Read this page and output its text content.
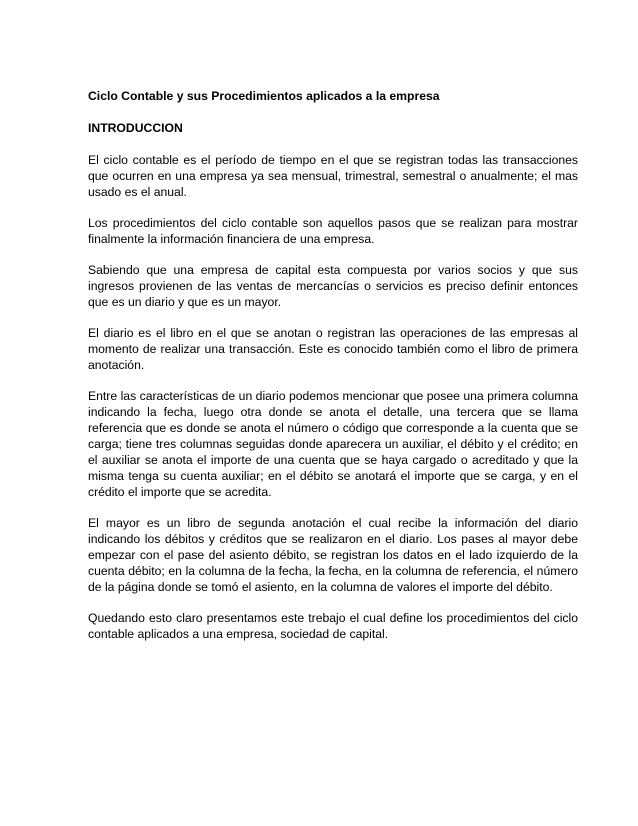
Ciclo Contable y sus Procedimientos aplicados a la empresa

INTRODUCCION

El ciclo contable es el período de tiempo en el que se registran todas las transacciones que ocurren en una empresa ya sea mensual, trimestral, semestral o anualmente; el mas usado es el anual.

Los procedimientos del ciclo contable son aquellos pasos que se realizan para mostrar finalmente la información financiera de una empresa.

Sabiendo que una empresa de capital esta compuesta por varios socios y que sus ingresos provienen de las ventas de mercancías o servicios es preciso definir entonces que es un diario y que es un mayor.

El diario es el libro en el que se anotan o registran las operaciones de las empresas al momento de realizar una transacción. Este es conocido también como el libro de primera anotación.

Entre las características de un diario podemos mencionar que posee una primera columna indicando la fecha, luego otra donde se anota el detalle, una tercera que se llama referencia que es donde se anota el número o código que corresponde a la cuenta que se carga; tiene tres columnas seguidas donde aparecera un auxiliar, el débito y el crédito; en el auxiliar se anota el importe de una cuenta que se haya cargado o acreditado y que la misma tenga su cuenta auxiliar; en el débito se anotará el importe que se carga, y en el crédito el importe que se acredita.

El mayor es un libro de segunda anotación el cual recibe la información del diario indicando los débitos y créditos que se realizaron en el diario. Los pases al mayor debe empezar con el pase del asiento débito, se registran los datos en el lado izquierdo de la cuenta débito; en la columna de la fecha, la fecha, en la columna de referencia, el número de la página donde se tomó el asiento, en la columna de valores el importe del débito.

Quedando esto claro presentamos este trebajo el cual define los procedimientos del ciclo contable aplicados a una empresa, sociedad de capital.
